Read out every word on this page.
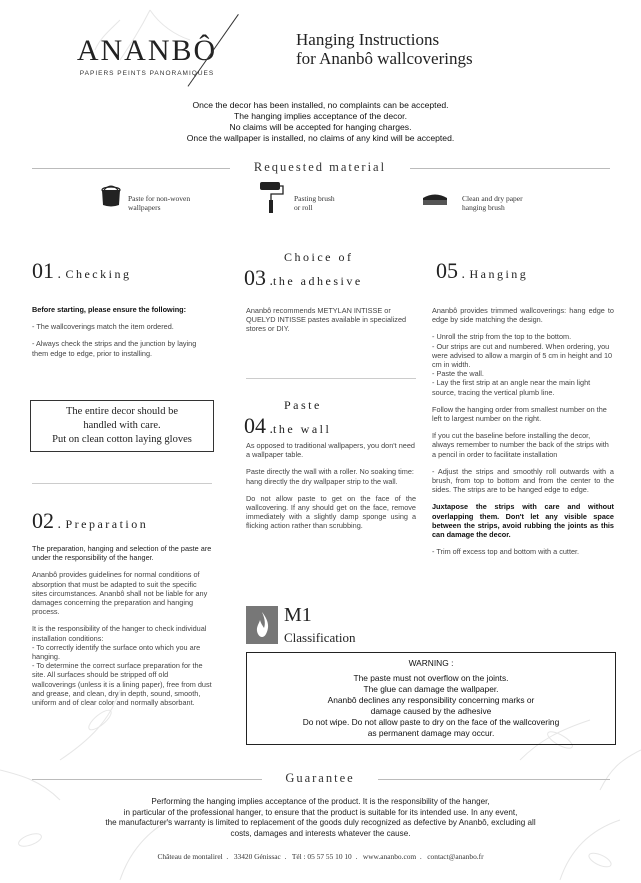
ANANBÔ
PAPIERS PEINTS PANORAMIQUES
Hanging Instructions
for Ananbô wallcoverings
Once the decor has been installed, no complaints can be accepted.
The hanging implies acceptance of the decor.
No claims will be accepted for hanging charges.
Once the wallpaper is installed, no claims of any kind will be accepted.
Requested material
Paste for non-woven
wallpapers
Pasting brush
or roll
Clean and dry paper
hanging brush
01 . Checking

Before starting, please ensure the following:

- The wallcoverings match the item ordered.

- Always check the strips and the junction by laying them edge to edge, prior to installing.

The entire decor should be
handled with care.
Put on clean cotton laying gloves
02 . Preparation

The preparation, hanging and selection of the paste are under the responsibility of the hanger.

Ananbô provides guidelines for normal conditions of absorption that must be adapted to suit the specific sites circumstances. Ananbô shall not be liable for any damages concerning the preparation and hanging process.

It is the responsibility of the hanger to check individual installation conditions:

- To correctly identify the surface onto which you are hanging.

- To determine the correct surface preparation for the site. All surfaces should be stripped off old wallcoverings (unless it is a lining paper), free from dust and grease, and clean, dry in depth, sound, smooth, uniform and of clear color and normally absorbant.

Choice of
03 .the adhesive

Ananbô recommends METYLAN INTISSE or QUELYD INTISSE pastes available in specialized stores or DIY.

Paste
04 .the wall

As opposed to traditional wallpapers, you don't need a wallpaper table.

Paste directly the wall with a roller. No soaking time: hang directly the dry wallpaper strip to the wall.

Do not allow paste to get on the face of the wallcovering. If any should get on the face, remove immediately with a slightly damp sponge using a flicking action rather than scrubbing.

M1
Classification
05 . Hanging

Ananbô provides trimmed wallcoverings: hang edge to edge by side matching the design.

- Unroll the strip from the top to the bottom.

- Our strips are cut and numbered. When ordering, you were advised to allow a margin of 5 cm in height and 10 cm in width.

- Paste the wall.

- Lay the first strip at an angle near the main light source, tracing the vertical plumb line.

Follow the hanging order from smallest number on the left to largest number on the right.

If you cut the baseline before installing the decor, always remember to number the back of the strips with a pencil in order to facilitate installation

- Adjust the strips and smoothly roll outwards with a brush, from top to bottom and from the center to the sides. The strips are to be hanged edge to edge.

Juxtapose the strips with care and without overlapping them. Don't let any visible space between the strips, avoid rubbing the joints as this can damage the decor.

- Trim off excess top and bottom with a cutter.

WARNING :
The paste must not overflow on the joints.
The glue can damage the wallpaper.
Ananbô declines any responsibility concerning marks or
damage caused by the adhesive
Do not wipe. Do not allow paste to dry on the face of the wallcovering
as permanent damage may occur.
Guarantee
Performing the hanging implies acceptance of the product. It is the responsibility of the hanger,
in particular of the professional hanger, to ensure that the product is suitable for its intended use. In any event,
the manufacturer's warranty is limited to replacement of the goods duly recognized as defective by Ananbô, excluding all
costs, damages and interests whatever the cause.
Château de montalirel  .   33420 Génissac  .   Tél : 05 57 55 10 10  .   www.ananbo.com  .   contact@ananbo.fr
